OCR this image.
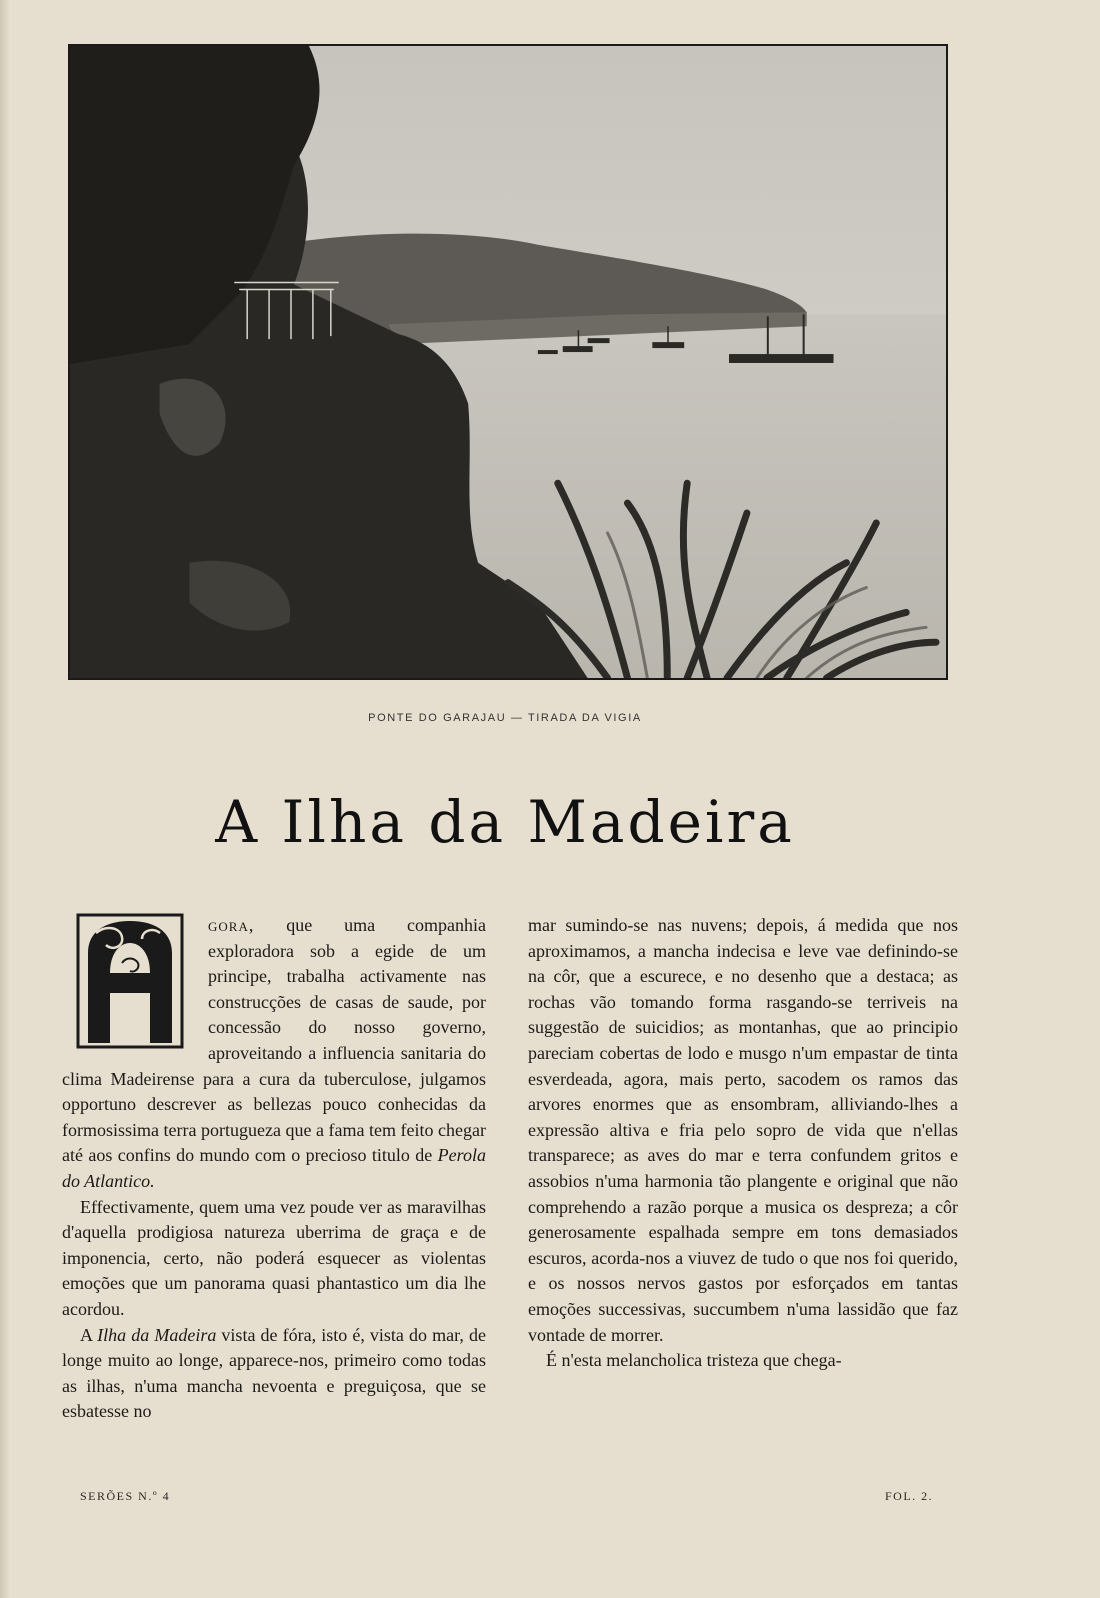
PONTE DO GARAJAU — TIRADA DA VIGIA
A Ilha da Madeira

gora, que uma companhia exploradora sob a egide de um principe, trabalha activamente nas construcções de casas de saude, por concessão do nosso governo, aproveitando a influencia sanitaria do clima Madeirense para a cura da tuberculose, julgamos opportuno descrever as bellezas pouco conhecidas da formosissima terra portugueza que a fama tem feito chegar até aos confins do mundo com o precioso titulo de Perola do Atlantico.

Effectivamente, quem uma vez poude ver as maravilhas d'aquella prodigiosa natureza uberrima de graça e de imponencia, certo, não poderá esquecer as violentas emoções que um panorama quasi phantastico um dia lhe acordou.

A Ilha da Madeira vista de fóra, isto é, vista do mar, de longe muito ao longe, apparece-nos, primeiro como todas as ilhas, n'uma mancha nevoenta e preguiçosa, que se esbatesse no

mar sumindo-se nas nuvens; depois, á medida que nos aproximamos, a mancha indecisa e leve vae definindo-se na côr, que a escurece, e no desenho que a destaca; as rochas vão tomando forma rasgando-se terriveis na suggestão de suicidios; as montanhas, que ao principio pareciam cobertas de lodo e musgo n'um empastar de tinta esverdeada, agora, mais perto, sacodem os ramos das arvores enormes que as ensombram, alliviando-lhes a expressão altiva e fria pelo sopro de vida que n'ellas transparece; as aves do mar e terra confundem gritos e assobios n'uma harmonia tão plangente e original que não comprehendo a razão porque a musica os despreza; a côr generosamente espalhada sempre em tons demasiados escuros, acorda-nos a viuvez de tudo o que nos foi querido, e os nossos nervos gastos por esforçados em tantas emoções successivas, succumbem n'uma lassidão que faz vontade de morrer.

É n'esta melancholica tristeza que chega-

SERÕES N.º 4	FOL. 2.
